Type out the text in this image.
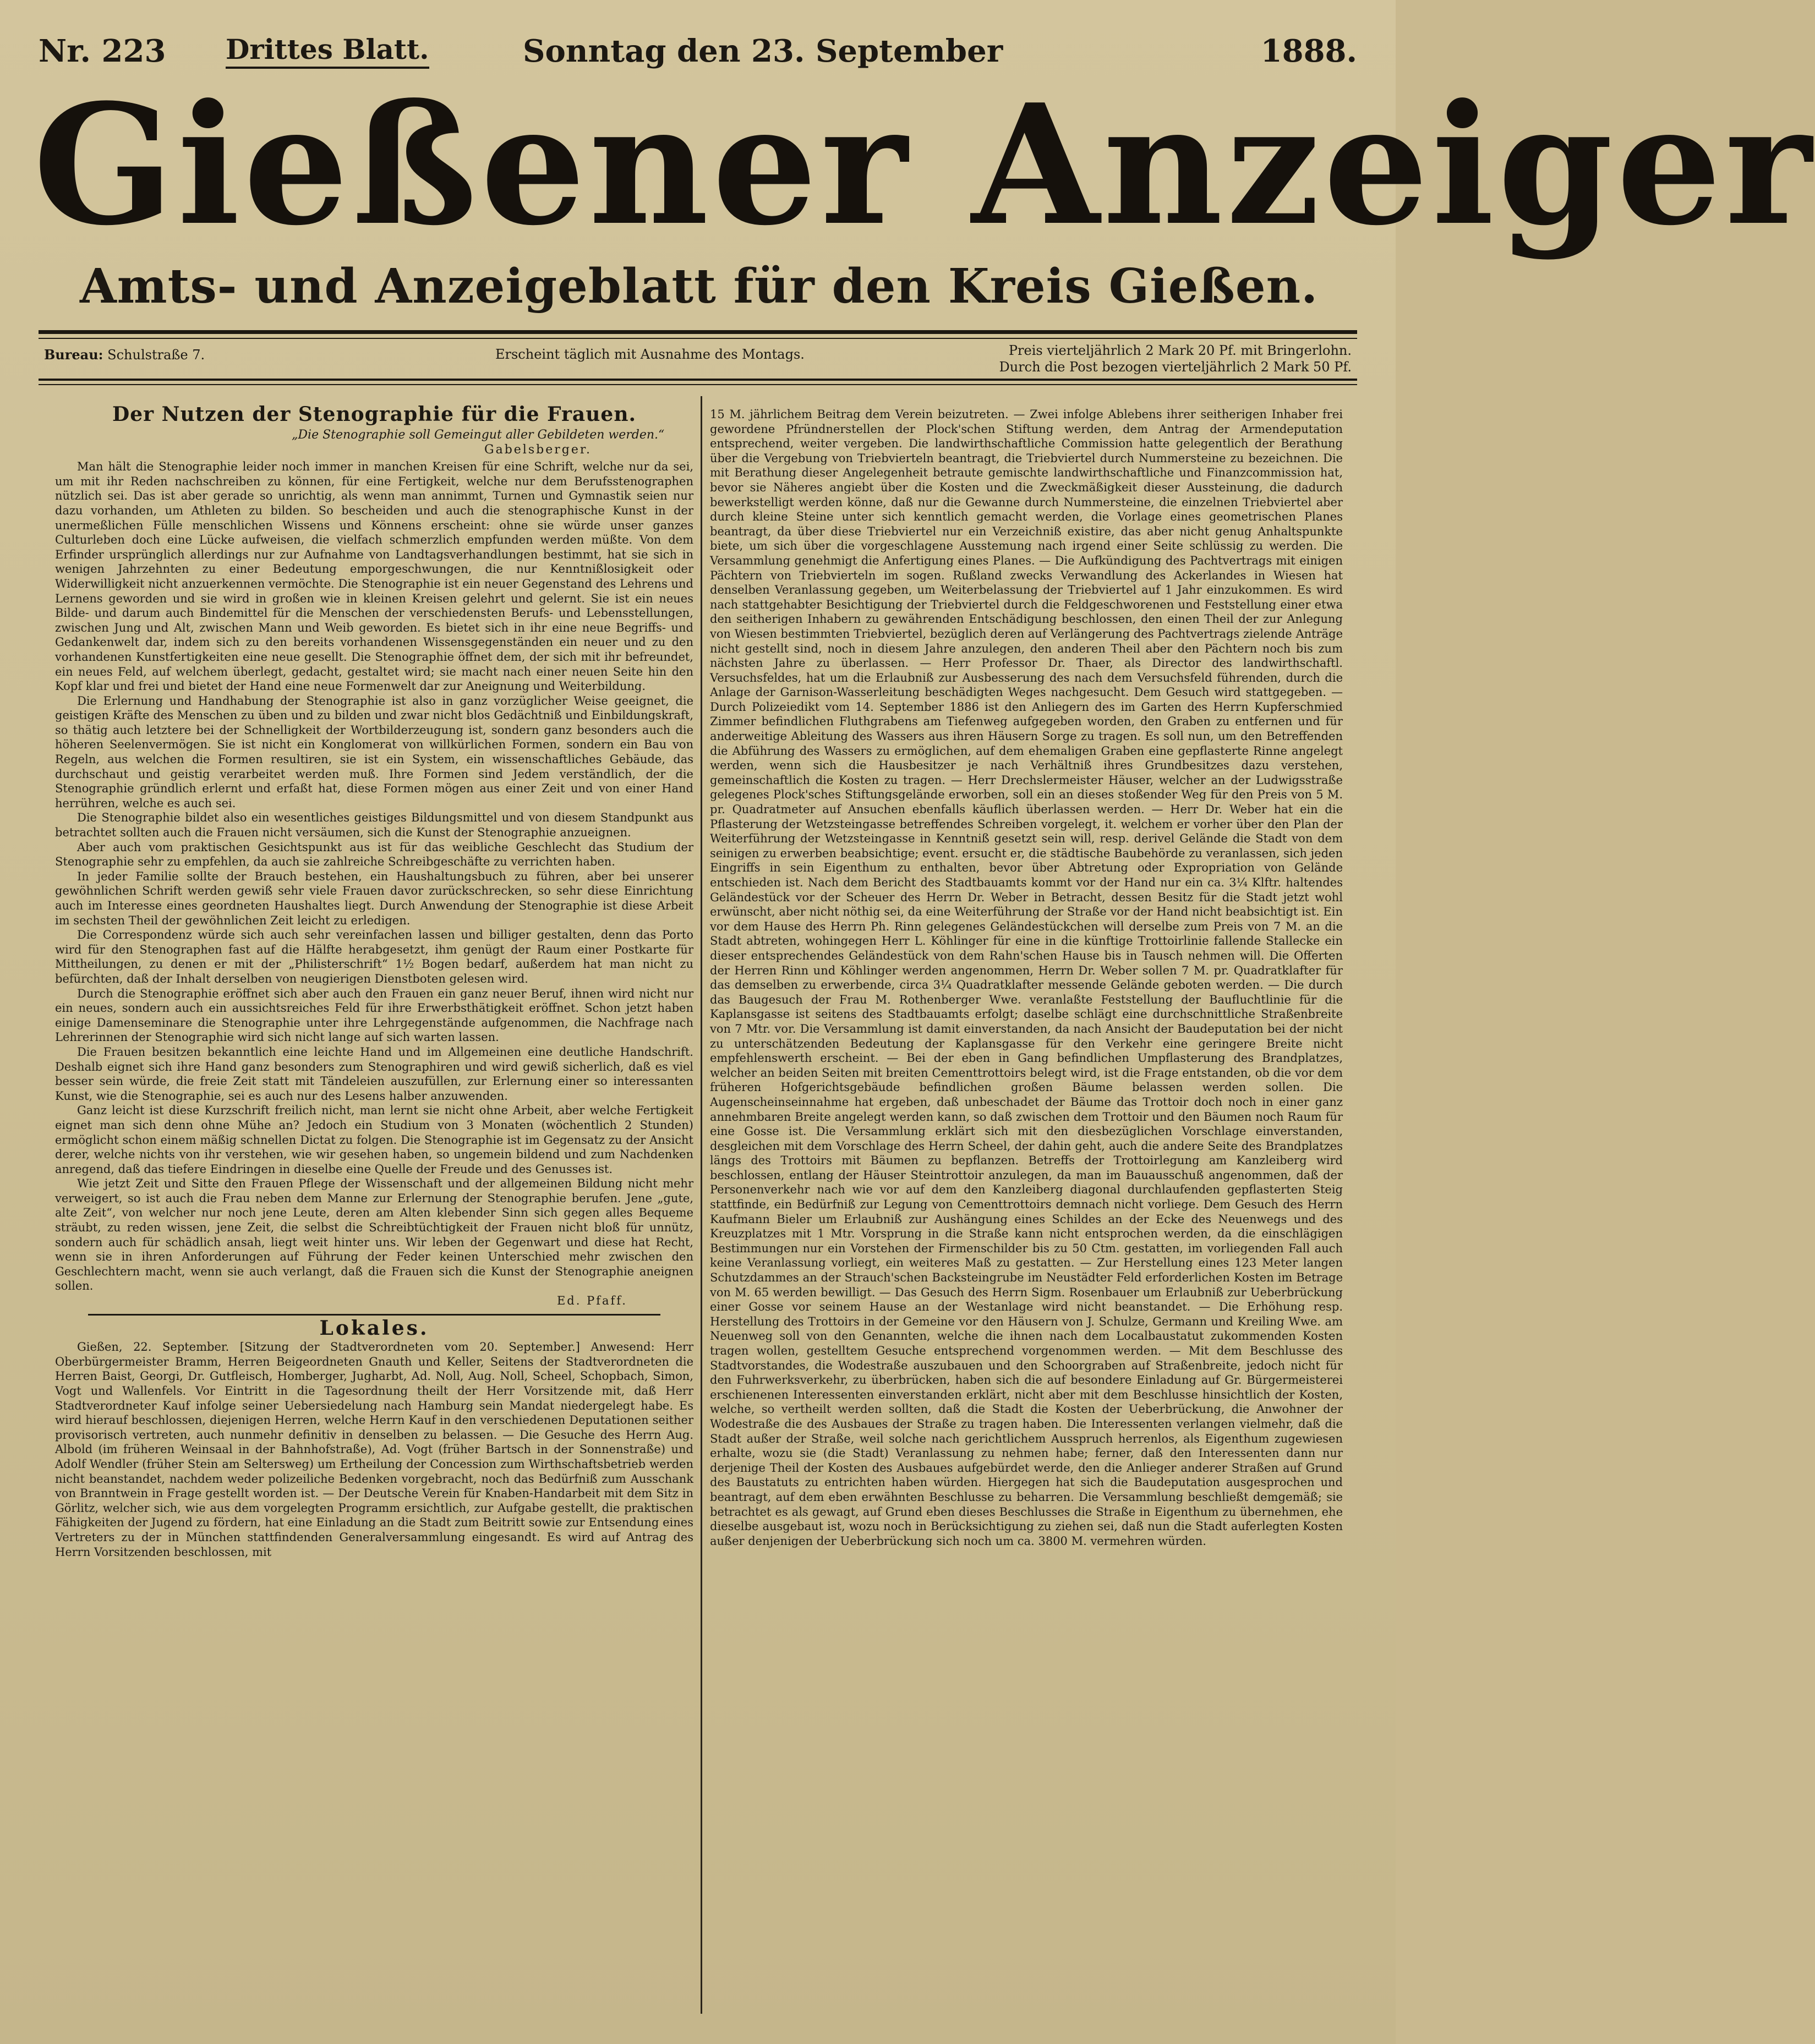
Nr. 223 Drittes Blatt.	Sonntag den 23. September	1888.
Gießener Anzeiger
Amts- und Anzeigeblatt für den Kreis Gießen.
Bureau: Schulstraße 7.	Erscheint täglich mit Ausnahme des Montags.	Preis vierteljährlich 2 Mark 20 Pf. mit Bringerlohn.
Durch die Post bezogen vierteljährlich 2 Mark 50 Pf.
Der Nutzen der Stenographie für die Frauen.
„Die Stenographie soll Gemeingut aller Gebildeten werden.“
Gabelsberger.

Man hält die Stenographie leider noch immer in manchen Kreisen für eine Schrift, welche nur da sei, um mit ihr Reden nachschreiben zu können, für eine Fertigkeit, welche nur dem Berufsstenographen nützlich sei. Das ist aber gerade so unrichtig, als wenn man annimmt, Turnen und Gymnastik seien nur dazu vorhanden, um Athleten zu bilden. So bescheiden und auch die stenographische Kunst in der unermeßlichen Fülle menschlichen Wissens und Könnens erscheint: ohne sie würde unser ganzes Culturleben doch eine Lücke aufweisen, die vielfach schmerzlich empfunden werden müßte. Von dem Erfinder ursprünglich allerdings nur zur Aufnahme von Landtagsverhandlungen bestimmt, hat sie sich in wenigen Jahrzehnten zu einer Bedeutung emporgeschwungen, die nur Kenntnißlosigkeit oder Widerwilligkeit nicht anzuerkennen vermöchte. Die Stenographie ist ein neuer Gegenstand des Lehrens und Lernens geworden und sie wird in großen wie in kleinen Kreisen gelehrt und gelernt. Sie ist ein neues Bilde- und darum auch Bindemittel für die Menschen der verschiedensten Berufs- und Lebensstellungen, zwischen Jung und Alt, zwischen Mann und Weib geworden. Es bietet sich in ihr eine neue Begriffs- und Gedankenwelt dar, indem sich zu den bereits vorhandenen Wissensgegenständen ein neuer und zu den vorhandenen Kunstfertigkeiten eine neue gesellt. Die Stenographie öffnet dem, der sich mit ihr befreundet, ein neues Feld, auf welchem überlegt, gedacht, gestaltet wird; sie macht nach einer neuen Seite hin den Kopf klar und frei und bietet der Hand eine neue Formenwelt dar zur Aneignung und Weiterbildung.

Die Erlernung und Handhabung der Stenographie ist also in ganz vorzüglicher Weise geeignet, die geistigen Kräfte des Menschen zu üben und zu bilden und zwar nicht blos Gedächtniß und Einbildungskraft, so thätig auch letztere bei der Schnelligkeit der Wortbilderzeugung ist, sondern ganz besonders auch die höheren Seelenvermögen. Sie ist nicht ein Konglomerat von willkürlichen Formen, sondern ein Bau von Regeln, aus welchen die Formen resultiren, sie ist ein System, ein wissenschaftliches Gebäude, das durchschaut und geistig verarbeitet werden muß. Ihre Formen sind Jedem verständlich, der die Stenographie gründlich erlernt und erfaßt hat, diese Formen mögen aus einer Zeit und von einer Hand herrühren, welche es auch sei.

Die Stenographie bildet also ein wesentliches geistiges Bildungsmittel und von diesem Standpunkt aus betrachtet sollten auch die Frauen nicht versäumen, sich die Kunst der Stenographie anzueignen.

Aber auch vom praktischen Gesichtspunkt aus ist für das weibliche Geschlecht das Studium der Stenographie sehr zu empfehlen, da auch sie zahlreiche Schreibgeschäfte zu verrichten haben.

In jeder Familie sollte der Brauch bestehen, ein Haushaltungsbuch zu führen, aber bei unserer gewöhnlichen Schrift werden gewiß sehr viele Frauen davor zurückschrecken, so sehr diese Einrichtung auch im Interesse eines geordneten Haushaltes liegt. Durch Anwendung der Stenographie ist diese Arbeit im sechsten Theil der gewöhnlichen Zeit leicht zu erledigen.

Die Correspondenz würde sich auch sehr vereinfachen lassen und billiger gestalten, denn das Porto wird für den Stenographen fast auf die Hälfte herabgesetzt, ihm genügt der Raum einer Postkarte für Mittheilungen, zu denen er mit der „Philisterschrift“ 1½ Bogen bedarf, außerdem hat man nicht zu befürchten, daß der Inhalt derselben von neugierigen Dienstboten gelesen wird.

Durch die Stenographie eröffnet sich aber auch den Frauen ein ganz neuer Beruf, ihnen wird nicht nur ein neues, sondern auch ein aussichtsreiches Feld für ihre Erwerbsthätigkeit eröffnet. Schon jetzt haben einige Damenseminare die Stenographie unter ihre Lehrgegenstände aufgenommen, die Nachfrage nach Lehrerinnen der Stenographie wird sich nicht lange auf sich warten lassen.

Die Frauen besitzen bekanntlich eine leichte Hand und im Allgemeinen eine deutliche Handschrift. Deshalb eignet sich ihre Hand ganz besonders zum Stenographiren und wird gewiß sicherlich, daß es viel besser sein würde, die freie Zeit statt mit Tändeleien auszufüllen, zur Erlernung einer so interessanten Kunst, wie die Stenographie, sei es auch nur des Lesens halber anzuwenden.

Ganz leicht ist diese Kurzschrift freilich nicht, man lernt sie nicht ohne Arbeit, aber welche Fertigkeit eignet man sich denn ohne Mühe an? Jedoch ein Studium von 3 Monaten (wöchentlich 2 Stunden) ermöglicht schon einem mäßig schnellen Dictat zu folgen. Die Stenographie ist im Gegensatz zu der Ansicht derer, welche nichts von ihr verstehen, wie wir gesehen haben, so ungemein bildend und zum Nachdenken anregend, daß das tiefere Eindringen in dieselbe eine Quelle der Freude und des Genusses ist.

Wie jetzt Zeit und Sitte den Frauen Pflege der Wissenschaft und der allgemeinen Bildung nicht mehr verweigert, so ist auch die Frau neben dem Manne zur Erlernung der Stenographie berufen. Jene „gute, alte Zeit“, von welcher nur noch jene Leute, deren am Alten klebender Sinn sich gegen alles Bequeme sträubt, zu reden wissen, jene Zeit, die selbst die Schreibtüchtigkeit der Frauen nicht bloß für unnütz, sondern auch für schädlich ansah, liegt weit hinter uns. Wir leben der Gegenwart und diese hat Recht, wenn sie in ihren Anforderungen auf Führung der Feder keinen Unterschied mehr zwischen den Geschlechtern macht, wenn sie auch verlangt, daß die Frauen sich die Kunst der Stenographie aneignen sollen.

Ed. Pfaff.
Lokales.

Gießen, 22. September. [Sitzung der Stadtverordneten vom 20. September.] Anwesend: Herr Oberbürgermeister Bramm, Herren Beigeordneten Gnauth und Keller, Seitens der Stadtverordneten die Herren Baist, Georgi, Dr. Gutfleisch, Homberger, Jugharbt, Ad. Noll, Aug. Noll, Scheel, Schopbach, Simon, Vogt und Wallenfels. Vor Eintritt in die Tagesordnung theilt der Herr Vorsitzende mit, daß Herr Stadtverordneter Kauf infolge seiner Uebersiedelung nach Hamburg sein Mandat niedergelegt habe. Es wird hierauf beschlossen, diejenigen Herren, welche Herrn Kauf in den verschiedenen Deputationen seither provisorisch vertreten, auch nunmehr definitiv in denselben zu belassen. — Die Gesuche des Herrn Aug. Albold (im früheren Weinsaal in der Bahnhofstraße), Ad. Vogt (früher Bartsch in der Sonnenstraße) und Adolf Wendler (früher Stein am Seltersweg) um Ertheilung der Concession zum Wirthschaftsbetrieb werden nicht beanstandet, nachdem weder polizeiliche Bedenken vorgebracht, noch das Bedürfniß zum Ausschank von Branntwein in Frage gestellt worden ist. — Der Deutsche Verein für Knaben-Handarbeit mit dem Sitz in Görlitz, welcher sich, wie aus dem vorgelegten Programm ersichtlich, zur Aufgabe gestellt, die praktischen Fähigkeiten der Jugend zu fördern, hat eine Einladung an die Stadt zum Beitritt sowie zur Entsendung eines Vertreters zu der in München stattfindenden Generalversammlung eingesandt. Es wird auf Antrag des Herrn Vorsitzenden beschlossen, mit

15 M. jährlichem Beitrag dem Verein beizutreten. — Zwei infolge Ablebens ihrer seitherigen Inhaber frei gewordene Pfründnerstellen der Plock'schen Stiftung werden, dem Antrag der Armendeputation entsprechend, weiter vergeben. Die landwirthschaftliche Commission hatte gelegentlich der Berathung über die Vergebung von Triebvierteln beantragt, die Triebviertel durch Nummersteine zu bezeichnen. Die mit Berathung dieser Angelegenheit betraute gemischte landwirthschaftliche und Finanzcommission hat, bevor sie Näheres angiebt über die Kosten und die Zweckmäßigkeit dieser Aussteinung, die dadurch bewerkstelligt werden könne, daß nur die Gewanne durch Nummersteine, die einzelnen Triebviertel aber durch kleine Steine unter sich kenntlich gemacht werden, die Vorlage eines geometrischen Planes beantragt, da über diese Triebviertel nur ein Verzeichniß existire, das aber nicht genug Anhaltspunkte biete, um sich über die vorgeschlagene Ausstemung nach irgend einer Seite schlüssig zu werden. Die Versammlung genehmigt die Anfertigung eines Planes. — Die Aufkündigung des Pachtvertrags mit einigen Pächtern von Triebvierteln im sogen. Rußland zwecks Verwandlung des Ackerlandes in Wiesen hat denselben Veranlassung gegeben, um Weiterbelassung der Triebviertel auf 1 Jahr einzukommen. Es wird nach stattgehabter Besichtigung der Triebviertel durch die Feldgeschworenen und Feststellung einer etwa den seitherigen Inhabern zu gewährenden Entschädigung beschlossen, den einen Theil der zur Anlegung von Wiesen bestimmten Triebviertel, bezüglich deren auf Verlängerung des Pachtvertrags zielende Anträge nicht gestellt sind, noch in diesem Jahre anzulegen, den anderen Theil aber den Pächtern noch bis zum nächsten Jahre zu überlassen. — Herr Professor Dr. Thaer, als Director des landwirthschaftl. Versuchsfeldes, hat um die Erlaubniß zur Ausbesserung des nach dem Versuchsfeld führenden, durch die Anlage der Garnison-Wasserleitung beschädigten Weges nachgesucht. Dem Gesuch wird stattgegeben. — Durch Polizeiedikt vom 14. September 1886 ist den Anliegern des im Garten des Herrn Kupferschmied Zimmer befindlichen Fluthgrabens am Tiefenweg aufgegeben worden, den Graben zu entfernen und für anderweitige Ableitung des Wassers aus ihren Häusern Sorge zu tragen. Es soll nun, um den Betreffenden die Abführung des Wassers zu ermöglichen, auf dem ehemaligen Graben eine gepflasterte Rinne angelegt werden, wenn sich die Hausbesitzer je nach Verhältniß ihres Grundbesitzes dazu verstehen, gemeinschaftlich die Kosten zu tragen. — Herr Drechslermeister Häuser, welcher an der Ludwigsstraße gelegenes Plock'sches Stiftungsgelände erworben, soll ein an dieses stoßender Weg für den Preis von 5 M. pr. Quadratmeter auf Ansuchen ebenfalls käuflich überlassen werden. — Herr Dr. Weber hat ein die Pflasterung der Wetzsteingasse betreffendes Schreiben vorgelegt, it. welchem er vorher über den Plan der Weiterführung der Wetzsteingasse in Kenntniß gesetzt sein will, resp. derivel Gelände die Stadt von dem seinigen zu erwerben beabsichtige; event. ersucht er, die städtische Baubehörde zu veranlassen, sich jeden Eingriffs in sein Eigenthum zu enthalten, bevor über Abtretung oder Expropriation von Gelände entschieden ist. Nach dem Bericht des Stadtbauamts kommt vor der Hand nur ein ca. 3¼ Klftr. haltendes Geländestück vor der Scheuer des Herrn Dr. Weber in Betracht, dessen Besitz für die Stadt jetzt wohl erwünscht, aber nicht nöthig sei, da eine Weiterführung der Straße vor der Hand nicht beabsichtigt ist. Ein vor dem Hause des Herrn Ph. Rinn gelegenes Geländestückchen will derselbe zum Preis von 7 M. an die Stadt abtreten, wohingegen Herr L. Köhlinger für eine in die künftige Trottoirlinie fallende Stallecke ein dieser entsprechendes Geländestück von dem Rahn'schen Hause bis in Tausch nehmen will. Die Offerten der Herren Rinn und Köhlinger werden angenommen, Herrn Dr. Weber sollen 7 M. pr. Quadratklafter für das demselben zu erwerbende, circa 3¼ Quadratklafter messende Gelände geboten werden. — Die durch das Baugesuch der Frau M. Rothenberger Wwe. veranlaßte Feststellung der Baufluchtlinie für die Kaplansgasse ist seitens des Stadtbauamts erfolgt; daselbe schlägt eine durchschnittliche Straßenbreite von 7 Mtr. vor. Die Versammlung ist damit einverstanden, da nach Ansicht der Baudeputation bei der nicht zu unterschätzenden Bedeutung der Kaplansgasse für den Verkehr eine geringere Breite nicht empfehlenswerth erscheint. — Bei der eben in Gang befindlichen Umpflasterung des Brandplatzes, welcher an beiden Seiten mit breiten Cementtrottoirs belegt wird, ist die Frage entstanden, ob die vor dem früheren Hofgerichtsgebäude befindlichen großen Bäume belassen werden sollen. Die Augenscheinseinnahme hat ergeben, daß unbeschadet der Bäume das Trottoir doch noch in einer ganz annehmbaren Breite angelegt werden kann, so daß zwischen dem Trottoir und den Bäumen noch Raum für eine Gosse ist. Die Versammlung erklärt sich mit den diesbezüglichen Vorschlage einverstanden, desgleichen mit dem Vorschlage des Herrn Scheel, der dahin geht, auch die andere Seite des Brandplatzes längs des Trottoirs mit Bäumen zu bepflanzen. Betreffs der Trottoirlegung am Kanzleiberg wird beschlossen, entlang der Häuser Steintrottoir anzulegen, da man im Bauausschuß angenommen, daß der Personenverkehr nach wie vor auf dem den Kanzleiberg diagonal durchlaufenden gepflasterten Steig stattfinde, ein Bedürfniß zur Legung von Cementtrottoirs demnach nicht vorliege. Dem Gesuch des Herrn Kaufmann Bieler um Erlaubniß zur Aushängung eines Schildes an der Ecke des Neuenwegs und des Kreuzplatzes mit 1 Mtr. Vorsprung in die Straße kann nicht entsprochen werden, da die einschlägigen Bestimmungen nur ein Vorstehen der Firmenschilder bis zu 50 Ctm. gestatten, im vorliegenden Fall auch keine Veranlassung vorliegt, ein weiteres Maß zu gestatten. — Zur Herstellung eines 123 Meter langen Schutzdammes an der Strauch'schen Backsteingrube im Neustädter Feld erforderlichen Kosten im Betrage von M. 65 werden bewilligt. — Das Gesuch des Herrn Sigm. Rosenbauer um Erlaubniß zur Ueberbrückung einer Gosse vor seinem Hause an der Westanlage wird nicht beanstandet. — Die Erhöhung resp. Herstellung des Trottoirs in der Gemeine vor den Häusern von J. Schulze, Germann und Kreiling Wwe. am Neuenweg soll von den Genannten, welche die ihnen nach dem Localbaustatut zukommenden Kosten tragen wollen, gestelltem Gesuche entsprechend vorgenommen werden. — Mit dem Beschlusse des Stadtvorstandes, die Wodestraße auszubauen und den Schoorgraben auf Straßenbreite, jedoch nicht für den Fuhrwerksverkehr, zu überbrücken, haben sich die auf besondere Einladung auf Gr. Bürgermeisterei erschienenen Interessenten einverstanden erklärt, nicht aber mit dem Beschlusse hinsichtlich der Kosten, welche, so vertheilt werden sollten, daß die Stadt die Kosten der Ueberbrückung, die Anwohner der Wodestraße die des Ausbaues der Straße zu tragen haben. Die Interessenten verlangen vielmehr, daß die Stadt außer der Straße, weil solche nach gerichtlichem Ausspruch herrenlos, als Eigenthum zugewiesen erhalte, wozu sie (die Stadt) Veranlassung zu nehmen habe; ferner, daß den Interessenten dann nur derjenige Theil der Kosten des Ausbaues aufgebürdet werde, den die Anlieger anderer Straßen auf Grund des Baustatuts zu entrichten haben würden. Hiergegen hat sich die Baudeputation ausgesprochen und beantragt, auf dem eben erwähnten Beschlusse zu beharren. Die Versammlung beschließt demgemäß; sie betrachtet es als gewagt, auf Grund eben dieses Beschlusses die Straße in Eigenthum zu übernehmen, ehe dieselbe ausgebaut ist, wozu noch in Berücksichtigung zu ziehen sei, daß nun die Stadt auferlegten Kosten außer denjenigen der Ueberbrückung sich noch um ca. 3800 M. vermehren würden.
